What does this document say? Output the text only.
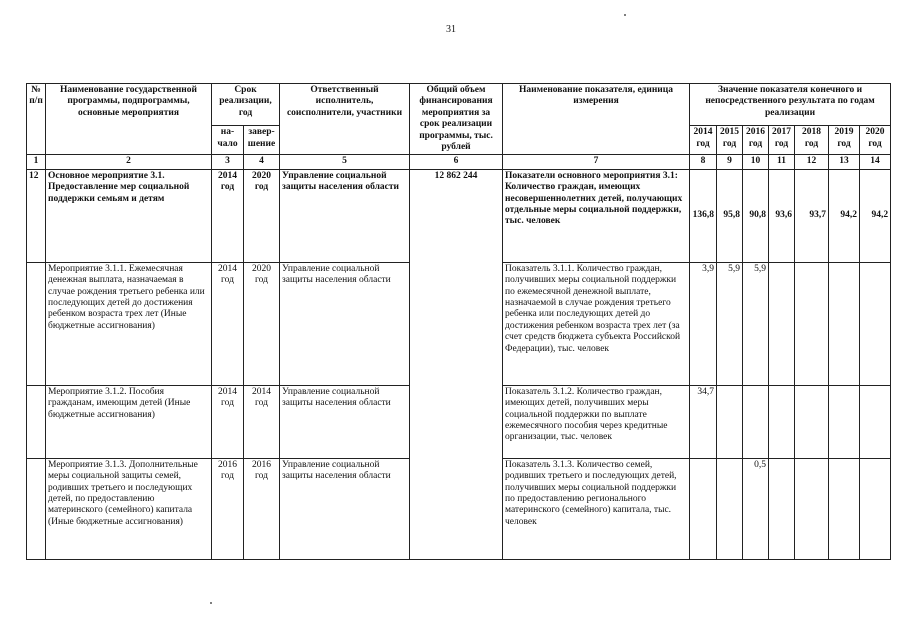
31
№ п/п	Наименование государственной программы, подпрограммы, основные мероприятия	Срок реализации, год		Ответственный исполнитель, соисполнители, участники	Общий объем финансирования мероприятия за срок реализации программы, тыс. рублей	Наименование показателя, единица измерения	Значение показателя конечного и непосредственного результата по годам реализации						
		на-чало	завер-шение				2014 год	2015 год	2016 год	2017 год	2018 год	2019 год	2020 год
1	2	3	4	5	6	7	8	9	10	11	12	13	14
12	Основное мероприятие 3.1. Предоставление мер социальной поддержки семьям и детям	2014 год	2020 год	Управление социальной защиты населения области	12 862 244	Показатели основного мероприятия 3.1: Количество граждан, имеющих несовершеннолетних детей, получающих отдельные меры социальной поддержки, тыс. человек	136,8	95,8	90,8	93,6	93,7	94,2	94,2
	Мероприятие 3.1.1. Ежемесячная денежная выплата, назначаемая в случае рождения третьего ребенка или последующих детей до достижения ребенком возраста трех лет (Иные бюджетные ассигнования)	2014 год	2020 год	Управление социальной защиты населения области		Показатель 3.1.1. Количество граждан, получивших меры социальной поддержки по ежемесячной денежной выплате, назначаемой в случае рождения третьего ребенка или последующих детей до достижения ребенком возраста трех лет (за счет средств бюджета субъекта Российской Федерации), тыс. человек	3,9	5,9	5,9				
	Мероприятие 3.1.2. Пособия гражданам, имеющим детей (Иные бюджетные ассигнования)	2014 год	2014 год	Управление социальной защиты населения области		Показатель 3.1.2. Количество граждан, имеющих детей, получивших меры социальной поддержки по выплате ежемесячного пособия через кредитные организации, тыс. человек	34,7						
	Мероприятие 3.1.3. Дополнительные меры социальной защиты семей, родивших третьего и последующих детей, по предоставлению материнского (семейного) капитала (Иные бюджетные ассигнования)	2016 год	2016 год	Управление социальной защиты населения области		Показатель 3.1.3. Количество семей, родивших третьего и последующих детей, получивших меры социальной поддержки по предоставлению регионального материнского (семейного) капитала, тыс. человек			0,5				
